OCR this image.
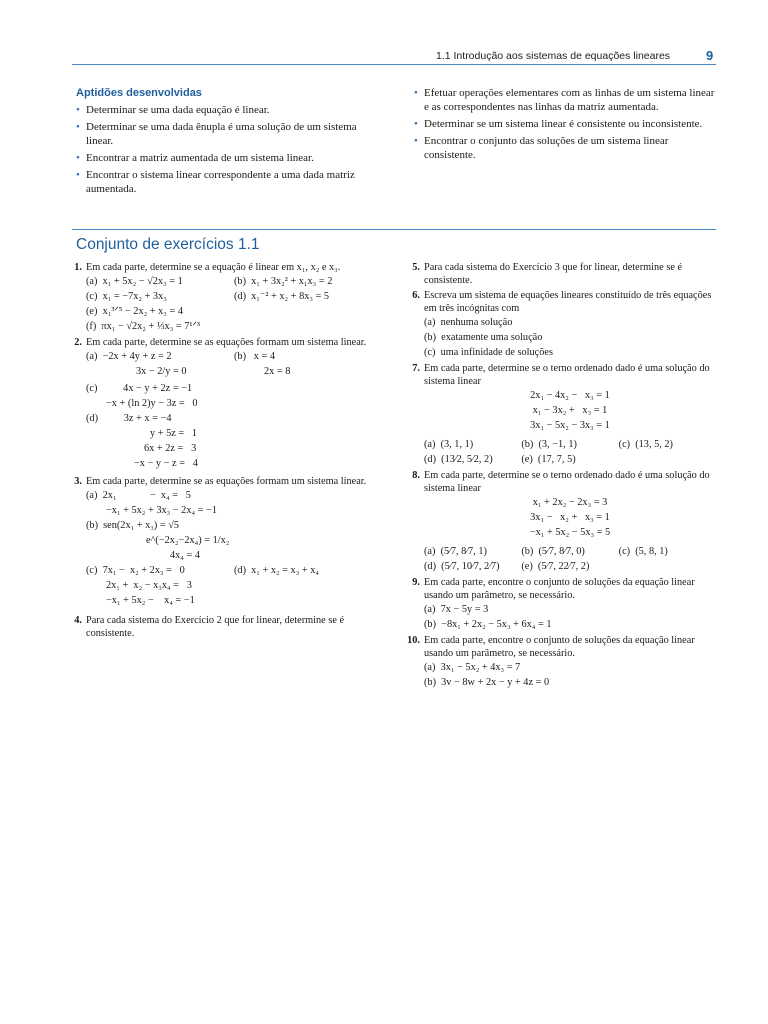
1.1 Introdução aos sistemas de equações lineares	9
Aptidões desenvolvidas
• Determinar se uma dada equação é linear.
• Determinar se uma dada ênupla é uma solução de um sistema linear.
• Encontrar a matriz aumentada de um sistema linear.
• Encontrar o sistema linear correspondente a uma dada matriz aumentada.
• Efetuar operações elementares com as linhas de um sistema linear e as correspondentes nas linhas da matriz aumentada.
• Determinar se um sistema linear é consistente ou inconsistente.
• Encontrar o conjunto das soluções de um sistema linear consistente.
Conjunto de exercícios 1.1
1. Em cada parte, determine se a equação é linear em x₁, x₂ e x₃.
(a)  x₁ + 5x₂ − √2x₃ = 1	(b)  x₁ + 3x₂² + x₁x₃ = 2
(c)  x₁ = −7x₂ + 3x₃	(d)  x₁⁻² + x₂ + 8x₃ = 5
(e)  x₁³ᐟ⁵ − 2x₂ + x₃ = 4
(f)  πx₁ − √2x₂ + ⅓x₃ = 7¹ᐟ³
2. Em cada parte, determine se as equações formam um sistema linear.
(a)  −2x + 4y + z = 2
3x − 2/y = 0
(b)   x = 4
2x = 8
(c)          4x − y + 2z = −1
−x + (ln 2)y − 3z =   0
(d)          3z + x = −4
y + 5z =   1
6x + 2z =   3
−x − y − z =   4
3. Em cada parte, determine se as equações formam um sistema linear.
(a)  2x₁             −  x₄ =   5
−x₁ + 5x₂ + 3x₃ − 2x₄ = −1
(b)  sen(2x₁ + x₃) = √5
e^(−2x₂−2x₄) = 1/x₂
4x₄ = 4
(c)  7x₁ −  x₂ + 2x₃ =   0
2x₁ +  x₂ − x₃x₄ =   3
−x₁ + 5x₂ −    x₄ = −1
(d)  x₁ + x₂ = x₃ + x₄
4. Para cada sistema do Exercício 2 que for linear, determine se é consistente.
5. Para cada sistema do Exercício 3 que for linear, determine se é consistente.
6. Escreva um sistema de equações lineares constituído de três equações em três incógnitas com
(a)  nenhuma solução
(b)  exatamente uma solução
(c)  uma infinidade de soluções
7. Em cada parte, determine se o terno ordenado dado é uma solução do sistema linear
2x₁ − 4x₂ −   x₃ = 1
x₁ − 3x₂ +   x₃ = 1
3x₁ − 5x₂ − 3x₃ = 1
(a)  (3, 1, 1)	(b)  (3, −1, 1)	(c)  (13, 5, 2)
(d)  (13⁄2, 5⁄2, 2)	(e)  (17, 7, 5)
8. Em cada parte, determine se o terno ordenado dado é uma solução do sistema linear
x₁ + 2x₂ − 2x₃ = 3
3x₁ −   x₂ +   x₃ = 1
−x₁ + 5x₂ − 5x₃ = 5
(a)  (5⁄7, 8⁄7, 1)	(b)  (5⁄7, 8⁄7, 0)	(c)  (5, 8, 1)
(d)  (5⁄7, 10⁄7, 2⁄7)	(e)  (5⁄7, 22⁄7, 2)
9. Em cada parte, encontre o conjunto de soluções da equação linear usando um parâmetro, se necessário.
(a)  7x − 5y = 3
(b)  −8x₁ + 2x₂ − 5x₃ + 6x₄ = 1
10. Em cada parte, encontre o conjunto de soluções da equação linear usando um parâmetro, se necessário.
(a)  3x₁ − 5x₂ + 4x₃ = 7
(b)  3v − 8w + 2x − y + 4z = 0
